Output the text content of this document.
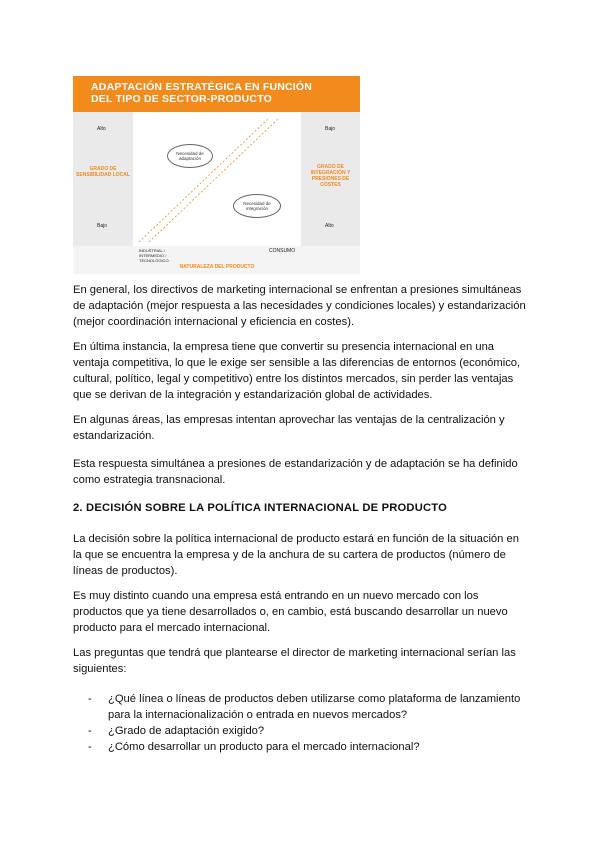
ADAPTACIÓN ESTRATÉGICA EN FUNCIÓN
DEL TIPO DE SECTOR-PRODUCTO
Alto
GRADO DE SENSIBILIDAD LOCAL
Bajo
Necesidad de adaptación
Necesidad de integración
Bajo
GRADO DE INTEGRACIÓN Y PRESIONES DE COSTES
Alto
INDUSTRIAL / INTERMEDIO / TECNOLÓGICO
CONSUMO
NATURALEZA DEL PRODUCTO
En general, los directivos de marketing internacional se enfrentan a presiones simultáneas de adaptación (mejor respuesta a las necesidades y condiciones locales) y estandarización (mejor coordinación internacional y eficiencia en costes).
En última instancia, la empresa tiene que convertir su presencia internacional en una ventaja competitiva, lo que le exige ser sensible a las diferencias de entornos (económico, cultural, político, legal y competitivo) entre los distintos mercados, sin perder las ventajas que se derivan de la integración y estandarización global de actividades.
En algunas áreas, las empresas intentan aprovechar las ventajas de la centralización y estandarización.
Esta respuesta simultánea a presiones de estandarización y de adaptación se ha definido como estrategia transnacional.
2. DECISIÓN SOBRE LA POLÍTICA INTERNACIONAL DE PRODUCTO
La decisión sobre la política internacional de producto estará en función de la situación en la que se encuentra la empresa y de la anchura de su cartera de productos (número de líneas de productos).
Es muy distinto cuando una empresa está entrando en un nuevo mercado con los productos que ya tiene desarrollados o, en cambio, está buscando desarrollar un nuevo producto para el mercado internacional.
Las preguntas que tendrá que plantearse el director de marketing internacional serían las siguientes:
- ¿Qué línea o líneas de productos deben utilizarse como plataforma de lanzamiento para la internacionalización o entrada en nuevos mercados?
- ¿Grado de adaptación exigido?
- ¿Cómo desarrollar un producto para el mercado internacional?
